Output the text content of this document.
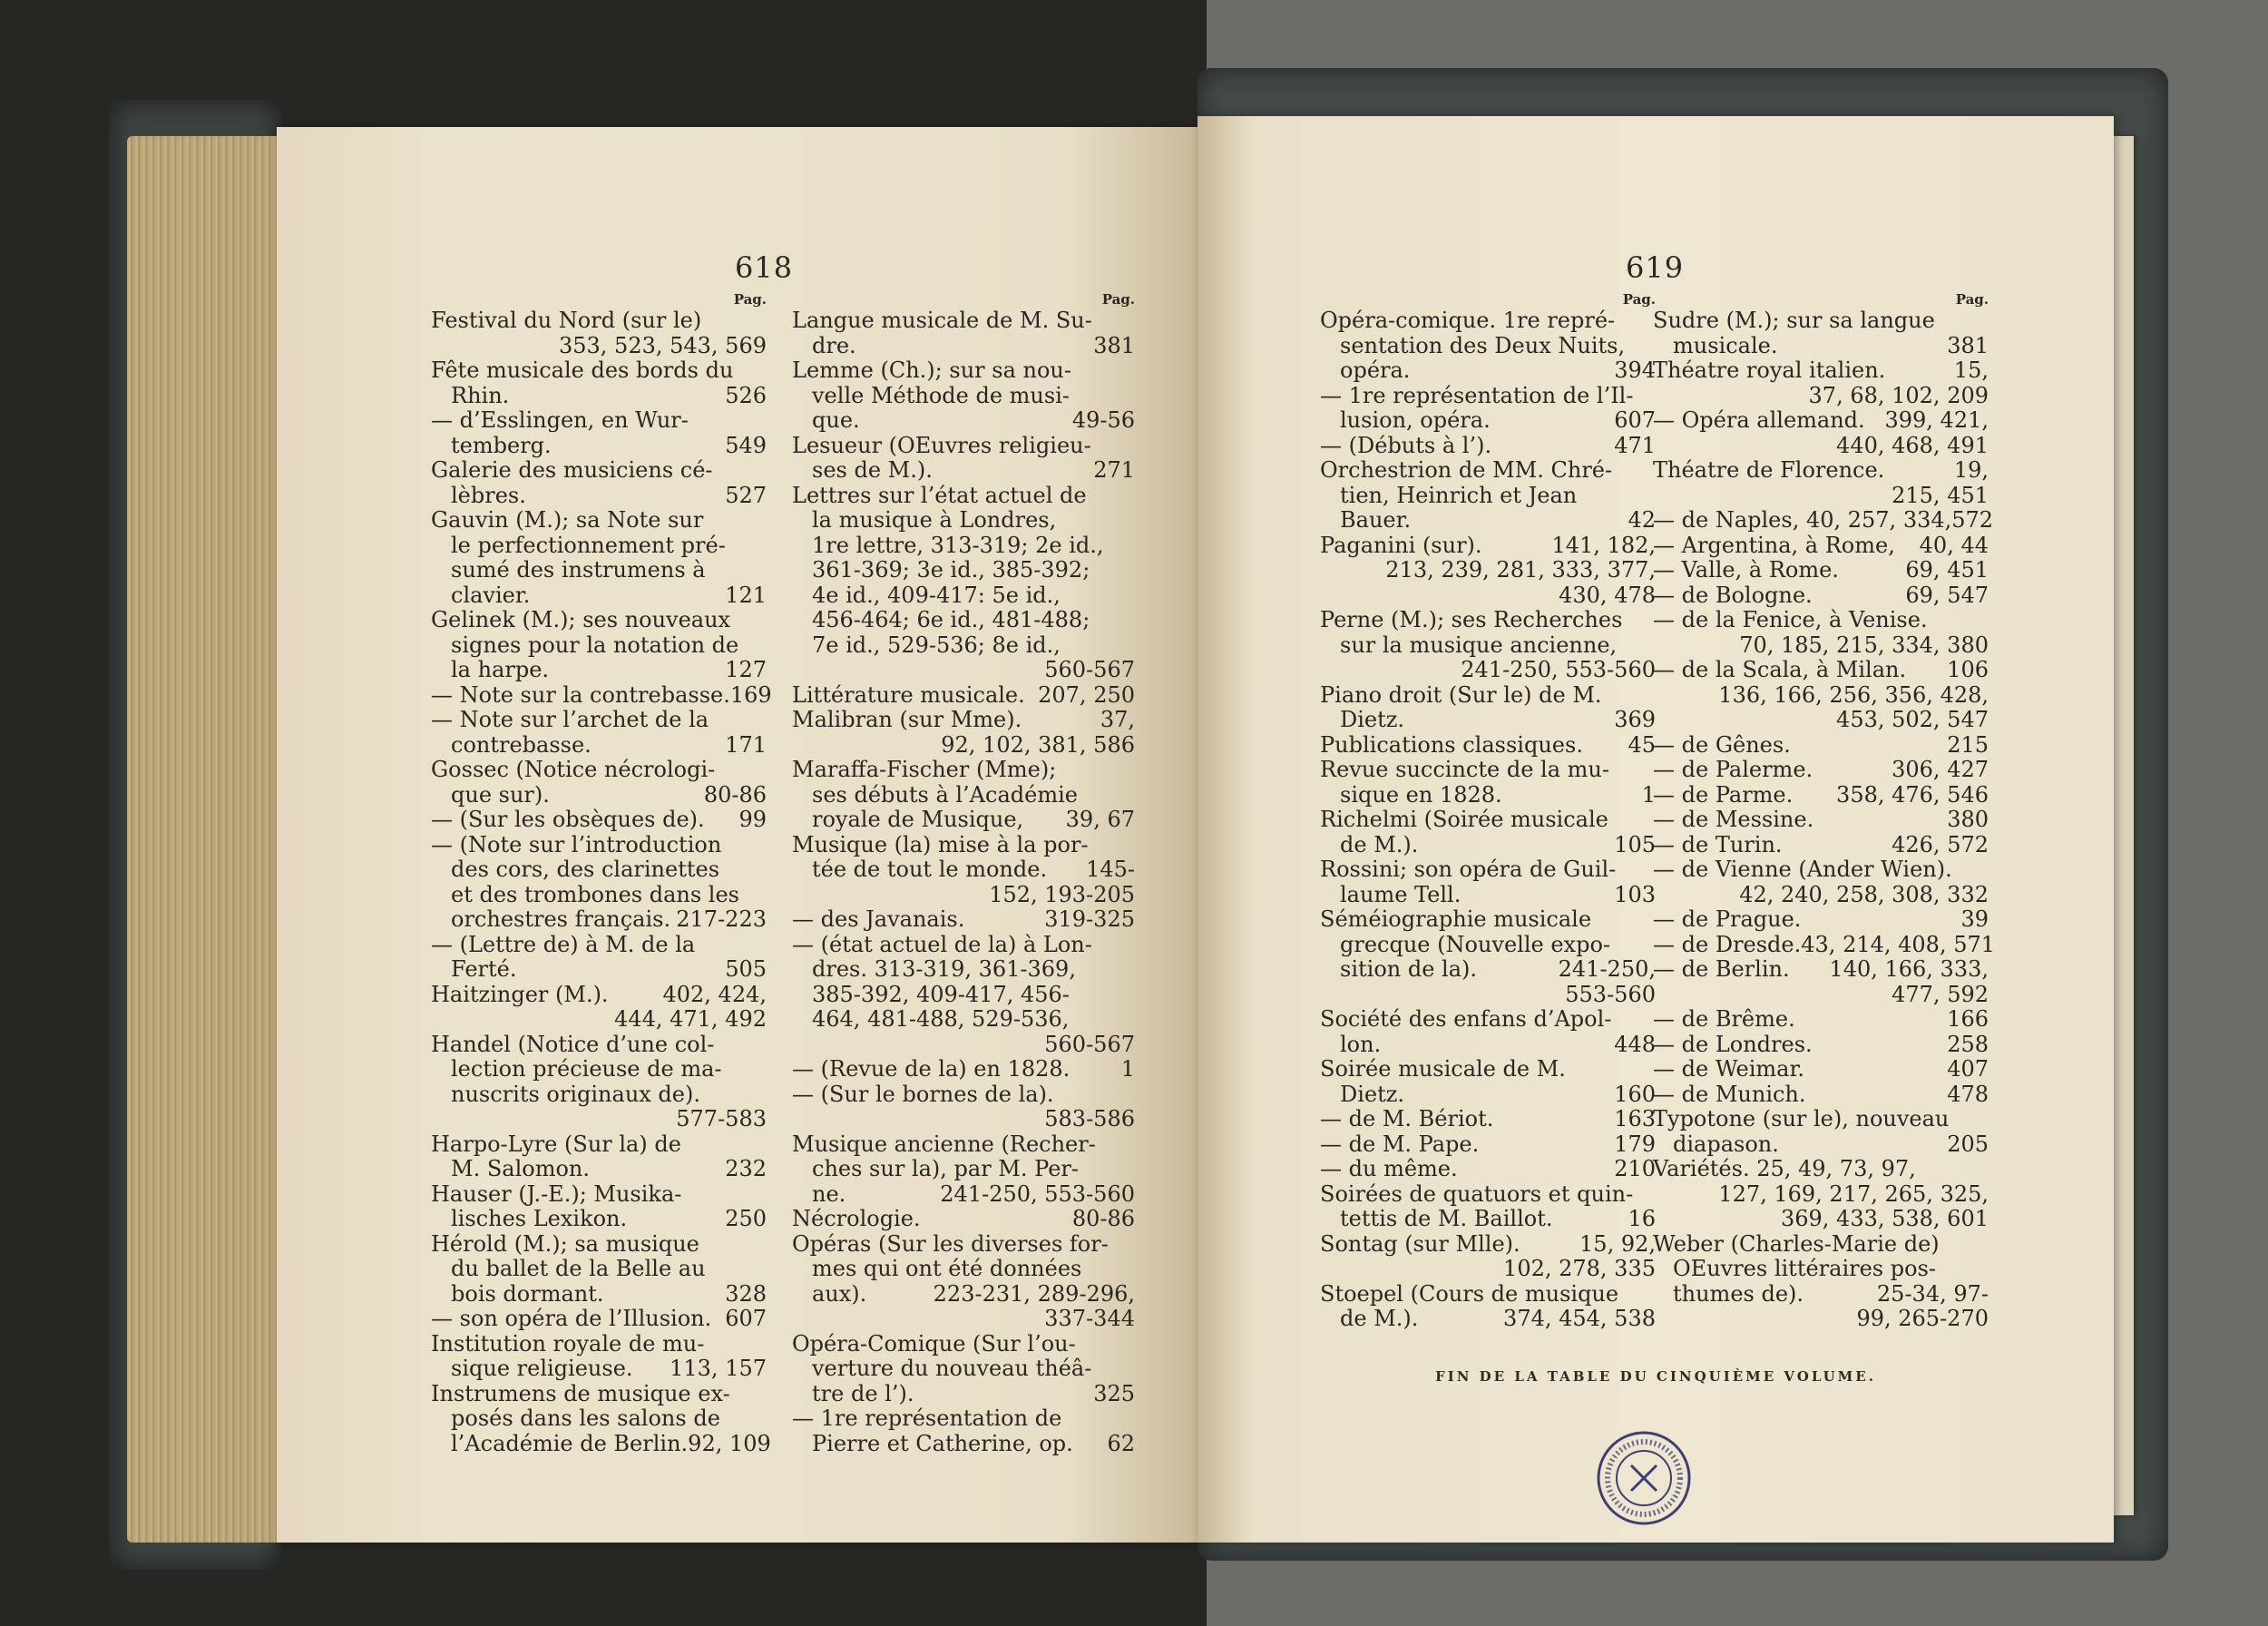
618
Pag.
Festival du Nord (sur le)
353, 523, 543, 569
Fête musicale des bords du
Rhin.	526
— d’Esslingen, en Wur-
temberg.	549
Galerie des musiciens cé-
lèbres.	527
Gauvin (M.); sa Note sur
le perfectionnement pré-
sumé des instrumens à
clavier.	121
Gelinek (M.); ses nouveaux
signes pour la notation de
la harpe.	127
— Note sur la contrebasse. 169
— Note sur l’archet de la
contrebasse.	171
Gossec (Notice nécrologi-
que sur).	80-86
— (Sur les obsèques de). 99
— (Note sur l’introduction
des cors, des clarinettes
et des trombones dans les
orchestres français. 217-223
— (Lettre de) à M. de la
Ferté.	505
Haitzinger (M.). 402, 424,
444, 471, 492
Handel (Notice d’une col-
lection précieuse de ma-
nuscrits originaux de).
577-583
Harpo-Lyre (Sur la) de
M. Salomon.	232
Hauser (J.-E.); Musika-
lisches Lexikon.	250
Hérold (M.); sa musique
du ballet de la Belle au
bois dormant.	328
— son opéra de l’Illusion. 607
Institution royale de mu-
sique religieuse. 113, 157
Instrumens de musique ex-
posés dans les salons de
l’Académie de Berlin. 92, 109
Pag.
Langue musicale de M. Su-
dre.	381
Lemme (Ch.); sur sa nou-
velle Méthode de musi-
que.	49-56
Lesueur (OEuvres religieu-
ses de M.).	271
Lettres sur l’état actuel de
la musique à Londres,
1re lettre, 313-319; 2e id.,
361-369; 3e id., 385-392;
4e id., 409-417: 5e id.,
456-464; 6e id., 481-488;
7e id., 529-536; 8e id.,
560-567
Littérature musicale. 207, 250
Malibran (sur Mme).	37,
92, 102, 381, 586
Maraffa-Fischer (Mme);
ses débuts à l’Académie
royale de Musique, 39, 67
Musique (la) mise à la por-
tée de tout le monde. 145-
152, 193-205
— des Javanais.	319-325
— (état actuel de la) à Lon-
dres. 313-319, 361-369,
385-392, 409-417, 456-
464, 481-488, 529-536,
560-567
— (Revue de la) en 1828. 1
— (Sur le bornes de la).
583-586
Musique ancienne (Recher-
ches sur la), par M. Per-
ne.	241-250, 553-560
Nécrologie.	80-86
Opéras (Sur les diverses for-
mes qui ont été données
aux).	223-231, 289-296,
337-344
Opéra-Comique (Sur l’ou-
verture du nouveau théâ-
tre de l’).	325
— 1re représentation de
Pierre et Catherine, op. 62
619
Pag.
Opéra-comique. 1re repré-
sentation des Deux Nuits,
opéra.	394
— 1re représentation de l’Il-
lusion, opéra.	607
— (Débuts à l’).	471
Orchestrion de MM. Chré-
tien, Heinrich et Jean
Bauer.	42
Paganini (sur).	141, 182,
213, 239, 281, 333, 377,
430, 478
Perne (M.); ses Recherches
sur la musique ancienne,
241-250, 553-560
Piano droit (Sur le) de M.
Dietz.	369
Publications classiques. 45
Revue succincte de la mu-
sique en 1828.	1
Richelmi (Soirée musicale
de M.).	105
Rossini; son opéra de Guil-
laume Tell.	103
Séméiographie musicale
grecque (Nouvelle expo-
sition de la).	241-250,
553-560
Société des enfans d’Apol-
lon.	448
Soirée musicale de M.
Dietz.	160
— de M. Bériot.	163
— de M. Pape.	179
— du même.	210
Soirées de quatuors et quin-
tettis de M. Baillot.	16
Sontag (sur Mlle).	15, 92,
102, 278, 335
Stoepel (Cours de musique
de M.).	374, 454, 538
Pag.
Sudre (M.); sur sa langue
musicale.	381
Théatre royal italien.	15,
37, 68, 102, 209
— Opéra allemand. 399, 421,
440, 468, 491
Théatre de Florence.	19,
215, 451
— de Naples, 40, 257, 334, 572
— Argentina, à Rome, 40, 44
— Valle, à Rome.	69, 451
— de Bologne.	69, 547
— de la Fenice, à Venise.
70, 185, 215, 334, 380
— de la Scala, à Milan. 106
136, 166, 256, 356, 428,
453, 502, 547
— de Gênes.	215
— de Palerme.	306, 427
— de Parme. 358, 476, 546
— de Messine.	380
— de Turin.	426, 572
— de Vienne (Ander Wien).
42, 240, 258, 308, 332
— de Prague.	39
— de Dresde. 43, 214, 408, 571
— de Berlin. 140, 166, 333,
477, 592
— de Brême.	166
— de Londres.	258
— de Weimar.	407
— de Munich.	478
Typotone (sur le), nouveau
diapason.	205
Variétés. 25, 49, 73, 97,
127, 169, 217, 265, 325,
369, 433, 538, 601
Weber (Charles-Marie de)
OEuvres littéraires pos-
thumes de).	25-34, 97-
99, 265-270
FIN DE LA TABLE DU CINQUIÈME VOLUME.
